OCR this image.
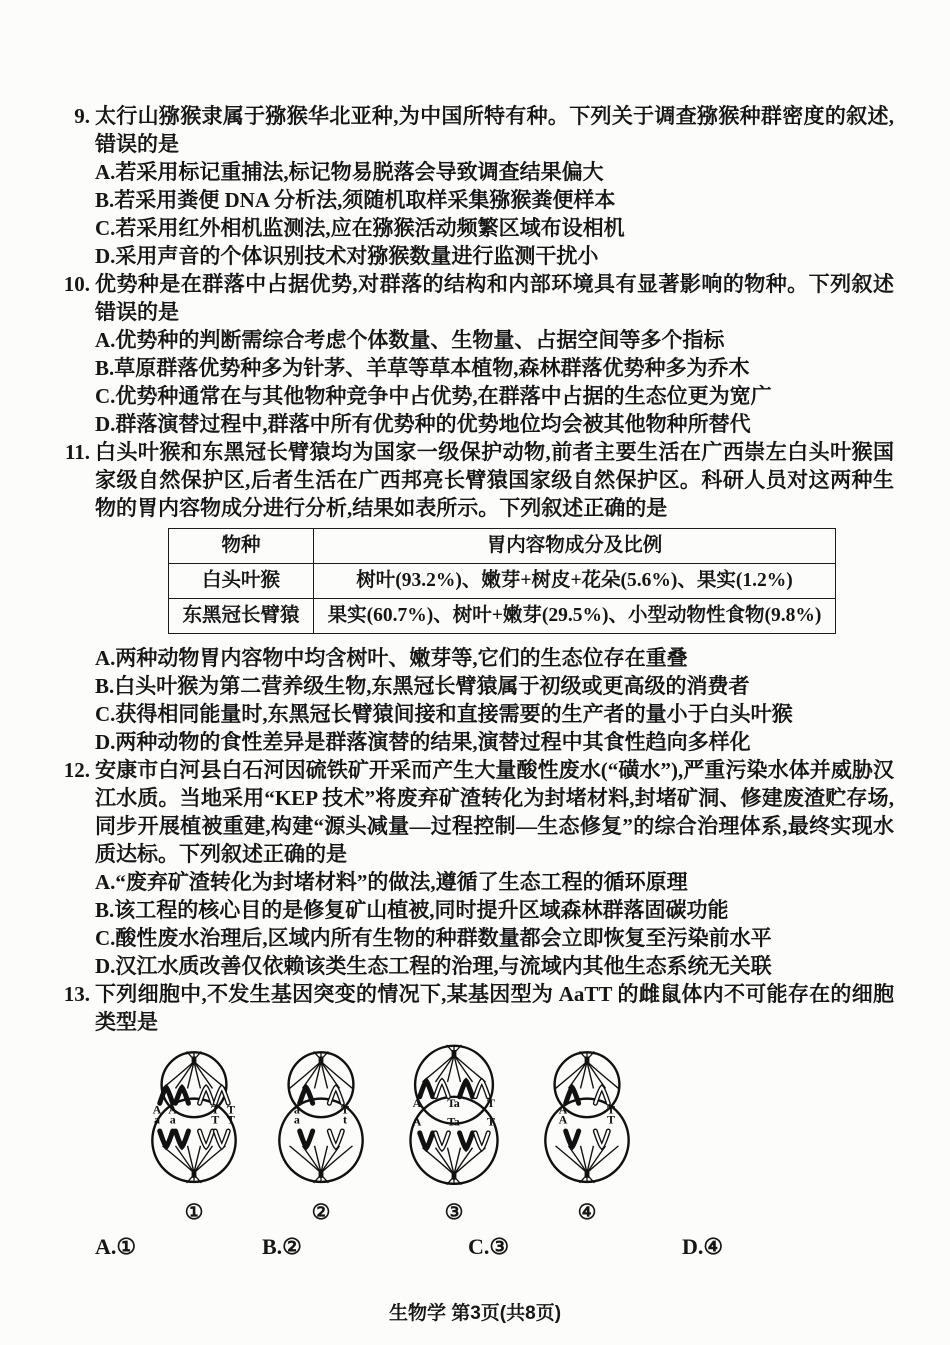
9. 太行山猕猴隶属于猕猴华北亚种,为中国所特有种。下列关于调查猕猴种群密度的叙述,错误的是
A.若采用标记重捕法,标记物易脱落会导致调查结果偏大
B.若采用粪便 DNA 分析法,须随机取样采集猕猴粪便样本
C.若采用红外相机监测法,应在猕猴活动频繁区域布设相机
D.采用声音的个体识别技术对猕猴数量进行监测干扰小
10. 优势种是在群落中占据优势,对群落的结构和内部环境具有显著影响的物种。下列叙述错误的是
A.优势种的判断需综合考虑个体数量、生物量、占据空间等多个指标
B.草原群落优势种多为针茅、羊草等草本植物,森林群落优势种多为乔木
C.优势种通常在与其他物种竞争中占优势,在群落中占据的生态位更为宽广
D.群落演替过程中,群落中所有优势种的优势地位均会被其他物种所替代
11. 白头叶猴和东黑冠长臂猿均为国家一级保护动物,前者主要生活在广西崇左白头叶猴国家级自然保护区,后者生活在广西邦亮长臂猿国家级自然保护区。科研人员对这两种生物的胃内容物成分进行分析,结果如表所示。下列叙述正确的是
物种	胃内容物成分及比例
白头叶猴	树叶(93.2%)、嫩芽+树皮+花朵(5.6%)、果实(1.2%)
东黑冠长臂猿	果实(60.7%)、树叶+嫩芽(29.5%)、小型动物性食物(9.8%)
A.两种动物胃内容物中均含树叶、嫩芽等,它们的生态位存在重叠
B.白头叶猴为第二营养级生物,东黑冠长臂猿属于初级或更高级的消费者
C.获得相同能量时,东黑冠长臂猿间接和直接需要的生产者的量小于白头叶猴
D.两种动物的食性差异是群落演替的结果,演替过程中其食性趋向多样化
12. 安康市白河县白石河因硫铁矿开采而产生大量酸性废水(“磺水”),严重污染水体并威胁汉江水质。当地采用“KEP 技术”将废弃矿渣转化为封堵材料,封堵矿洞、修建废渣贮存场,同步开展植被重建,构建“源头减量—过程控制—生态修复”的综合治理体系,最终实现水质达标。下列叙述正确的是
A.“废弃矿渣转化为封堵材料”的做法,遵循了生态工程的循环原理
B.该工程的核心目的是修复矿山植被,同时提升区域森林群落固碳功能
C.酸性废水治理后,区域内所有生物的种群数量都会立即恢复至污染前水平
D.汉江水质改善仅依赖该类生态工程的治理,与流域内其他生态系统无关联
13. 下列细胞中,不发生基因突变的情况下,某基因型为 AaTT 的雌鼠体内不可能存在的细胞类型是
A A	T T
a a	T T
①
a	T
a	t
②
A T
a T
A T
a T
③
A	T
A	T
④
A.①	B.②	C.③	D.④
生物学 第3页(共8页)
